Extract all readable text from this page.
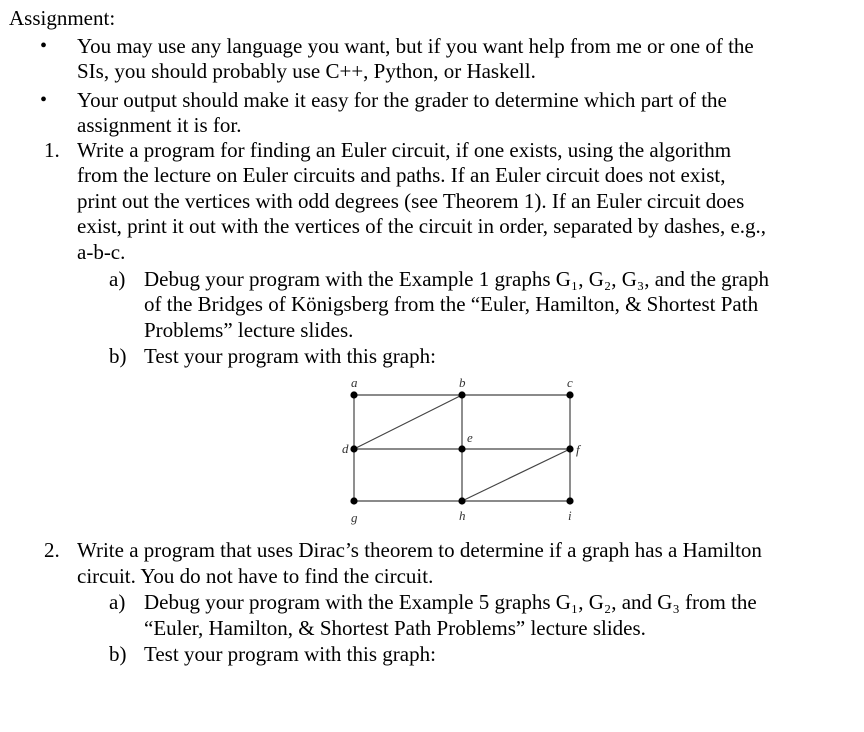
Assignment:
• You may use any language you want, but if you want help from me or one of the
SIs, you should probably use C++, Python, or Haskell.
• Your output should make it easy for the grader to determine which part of the
assignment it is for.
1. Write a program for finding an Euler circuit, if one exists, using the algorithm
from the lecture on Euler circuits and paths. If an Euler circuit does not exist,
print out the vertices with odd degrees (see Theorem 1). If an Euler circuit does
exist, print it out with the vertices of the circuit in order, separated by dashes, e.g.,
a-b-c.
a) Debug your program with the Example 1 graphs G₁, G₂, G₃, and the graph
of the Bridges of Königsberg from the “Euler, Hamilton, & Shortest Path
Problems” lecture slides.
b) Test your program with this graph:
a	b	c
d
e
f
g	h	i
2. Write a program that uses Dirac’s theorem to determine if a graph has a Hamilton
circuit. You do not have to find the circuit.
a) Debug your program with the Example 5 graphs G₁, G₂, and G₃ from the
“Euler, Hamilton, & Shortest Path Problems” lecture slides.
b) Test your program with this graph:
